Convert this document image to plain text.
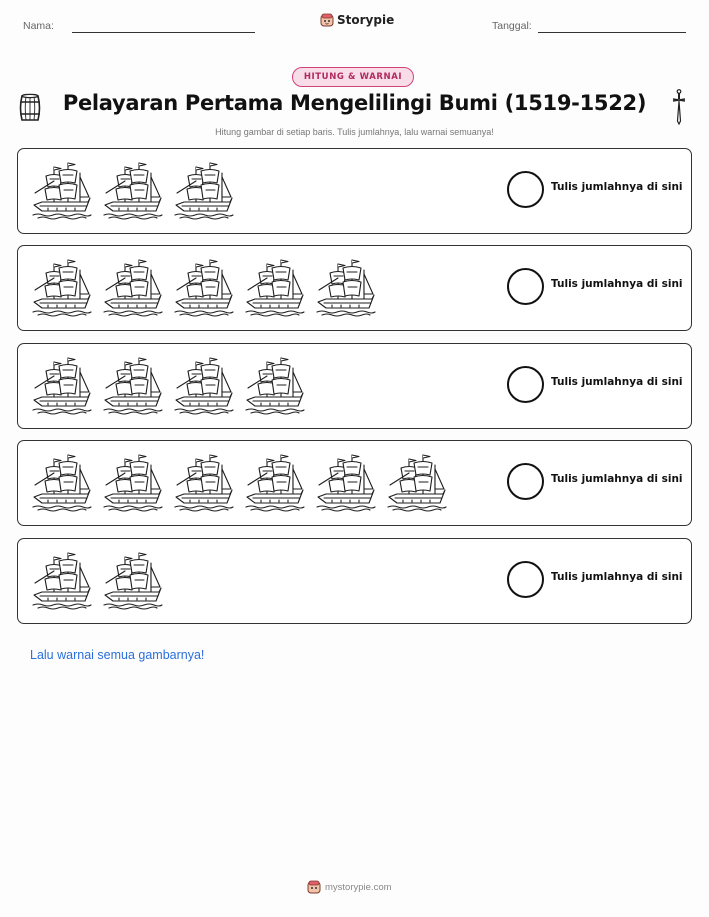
Nama:	Storypie	Tanggal:
HITUNG & WARNAI
Pelayaran Pertama Mengelilingi Bumi (1519-1522)
Hitung gambar di setiap baris. Tulis jumlahnya, lalu warnai semuanya!
Tulis jumlahnya di sini
Tulis jumlahnya di sini
Tulis jumlahnya di sini
Tulis jumlahnya di sini
Tulis jumlahnya di sini
Lalu warnai semua gambarnya!
mystorypie.com
